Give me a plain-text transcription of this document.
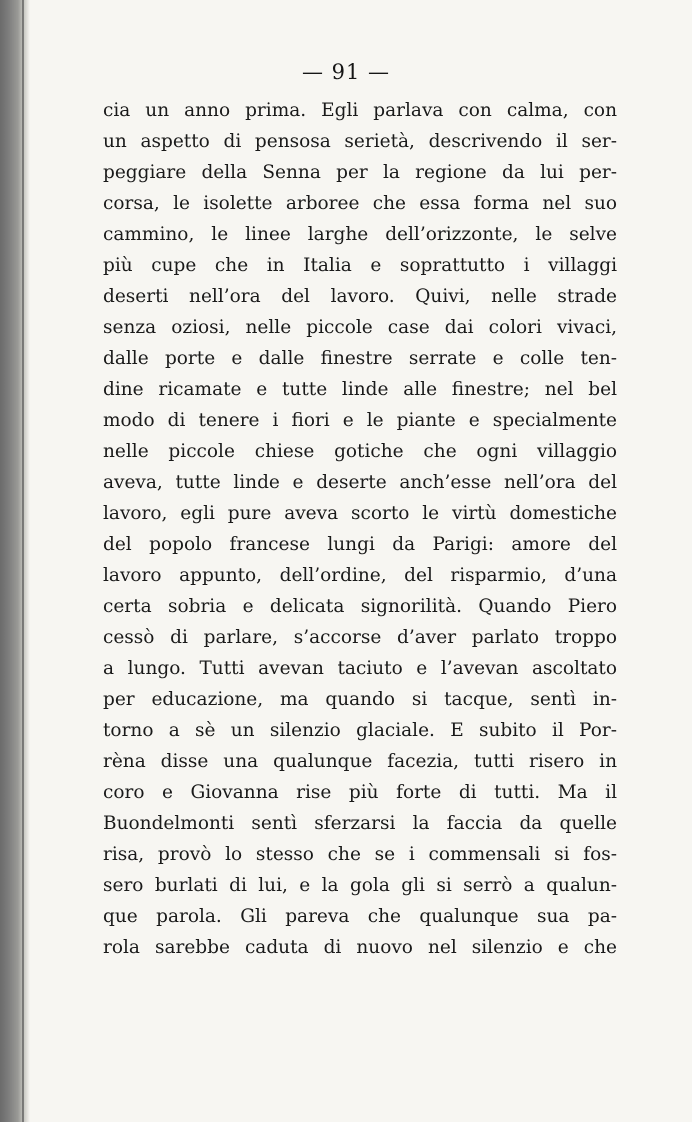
— 91 —
cia un anno prima. Egli parlava con calma, con
un aspetto di pensosa serietà, descrivendo il ser-
peggiare della Senna per la regione da lui per-
corsa, le isolette arboree che essa forma nel suo
cammino, le linee larghe dell’orizzonte, le selve
più cupe che in Italia e soprattutto i villaggi
deserti nell’ora del lavoro. Quivi, nelle strade
senza oziosi, nelle piccole case dai colori vivaci,
dalle porte e dalle finestre serrate e colle ten-
dine ricamate e tutte linde alle finestre; nel bel
modo di tenere i fiori e le piante e specialmente
nelle piccole chiese gotiche che ogni villaggio
aveva, tutte linde e deserte anch’esse nell’ora del
lavoro, egli pure aveva scorto le virtù domestiche
del popolo francese lungi da Parigi: amore del
lavoro appunto, dell’ordine, del risparmio, d’una
certa sobria e delicata signorilità. Quando Piero
cessò di parlare, s’accorse d’aver parlato troppo
a lungo. Tutti avevan taciuto e l’avevan ascoltato
per educazione, ma quando si tacque, sentì in-
torno a sè un silenzio glaciale. E subito il Por-
rèna disse una qualunque facezia, tutti risero in
coro e Giovanna rise più forte di tutti. Ma il
Buondelmonti sentì sferzarsi la faccia da quelle
risa, provò lo stesso che se i commensali si fos-
sero burlati di lui, e la gola gli si serrò a qualun-
que parola. Gli pareva che qualunque sua pa-
rola sarebbe caduta di nuovo nel silenzio e che
